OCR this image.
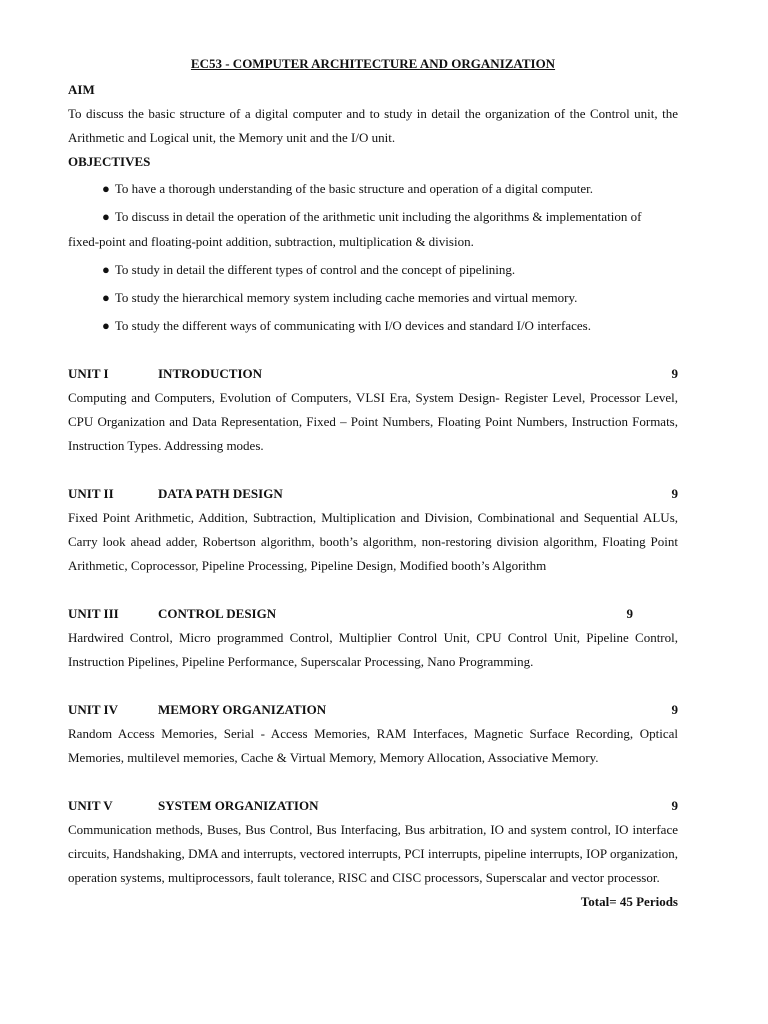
EC53 - COMPUTER ARCHITECTURE AND ORGANIZATION

AIM

To discuss the basic structure of a digital computer and to study in detail the organization of the Control unit, the Arithmetic and Logical unit, the Memory unit and the I/O unit.

OBJECTIVES

● To have a thorough understanding of the basic structure and operation of a digital computer.
● To discuss in detail the operation of the arithmetic unit including the algorithms & implementation of
fixed-point and floating-point addition, subtraction, multiplication & division.
● To study in detail the different types of control and the concept of pipelining.
● To study the hierarchical memory system including cache memories and virtual memory.
● To study the different ways of communicating with I/O devices and standard I/O interfaces.

UNIT I	INTRODUCTION	9

Computing and Computers, Evolution of Computers, VLSI Era, System Design- Register Level, Processor Level, CPU Organization and Data Representation, Fixed – Point Numbers, Floating Point Numbers, Instruction Formats, Instruction Types. Addressing modes.

UNIT II	DATA PATH DESIGN	9

Fixed Point Arithmetic, Addition, Subtraction, Multiplication and Division, Combinational and Sequential ALUs, Carry look ahead adder, Robertson algorithm, booth’s algorithm, non-restoring division algorithm, Floating Point Arithmetic, Coprocessor, Pipeline Processing, Pipeline Design, Modified booth’s Algorithm

UNIT III	CONTROL DESIGN	9

Hardwired Control, Micro programmed Control, Multiplier Control Unit, CPU Control Unit, Pipeline Control, Instruction Pipelines, Pipeline Performance, Superscalar Processing, Nano Programming.

UNIT IV	MEMORY ORGANIZATION	9

Random Access Memories, Serial - Access Memories, RAM Interfaces, Magnetic Surface Recording, Optical Memories, multilevel memories, Cache & Virtual Memory, Memory Allocation, Associative Memory.

UNIT V	SYSTEM ORGANIZATION	9

Communication methods, Buses, Bus Control, Bus Interfacing, Bus arbitration, IO and system control, IO interface circuits, Handshaking, DMA and interrupts, vectored interrupts, PCI interrupts, pipeline interrupts, IOP organization, operation systems, multiprocessors, fault tolerance, RISC and CISC processors, Superscalar and vector processor.

Total= 45 Periods
